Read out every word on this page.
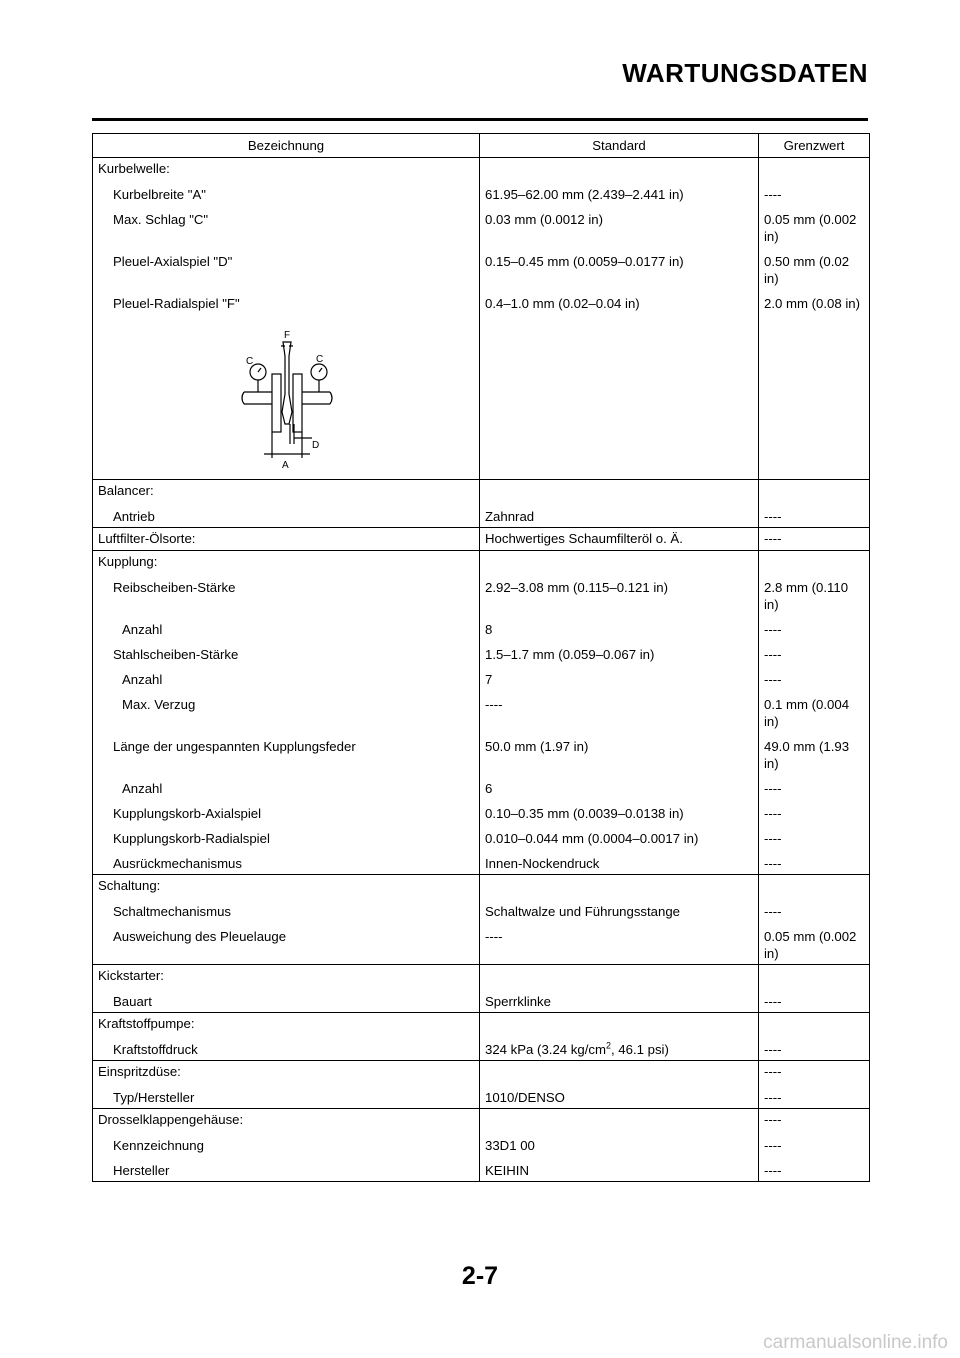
WARTUNGSDATEN
Bezeichnung	Standard	Grenzwert
Kurbelwelle:		
Kurbelbreite "A"	61.95–62.00 mm (2.439–2.441 in)	----
Max. Schlag "C"	0.03 mm (0.0012 in)	0.05 mm (0.002 in)
Pleuel-Axialspiel "D"	0.15–0.45 mm (0.0059–0.0177 in)	0.50 mm (0.02 in)
Pleuel-Radialspiel "F"	0.4–1.0 mm (0.02–0.04 in)	2.0 mm (0.08 in)

F
C C
D
A		

Balancer:		
Antrieb	Zahnrad	----
Luftfilter-Ölsorte:	Hochwertiges Schaumfilteröl o. Ä.	----
Kupplung:		
Reibscheiben-Stärke	2.92–3.08 mm (0.115–0.121 in)	2.8 mm (0.110 in)
Anzahl	8	----
Stahlscheiben-Stärke	1.5–1.7 mm (0.059–0.067 in)	----
Anzahl	7	----
Max. Verzug	----	0.1 mm (0.004 in)
Länge der ungespannten Kupplungsfeder	50.0 mm (1.97 in)	49.0 mm (1.93 in)
Anzahl	6	----
Kupplungskorb-Axialspiel	0.10–0.35 mm (0.0039–0.0138 in)	----
Kupplungskorb-Radialspiel	0.010–0.044 mm (0.0004–0.0017 in)	----
Ausrückmechanismus	Innen-Nockendruck	----
Schaltung:		
Schaltmechanismus	Schaltwalze und Führungsstange	----
Ausweichung des Pleuelauge	----	0.05 mm (0.002 in)
Kickstarter:		
Bauart	Sperrklinke	----
Kraftstoffpumpe:		
Kraftstoffdruck	324 kPa (3.24 $kg/cm^2$, 46.1 psi)	----
Einspritzdüse:		----
Typ/Hersteller	1010/DENSO	----
Drosselklappengehäuse:		----
Kennzeichnung	33D1 00	----
Hersteller	KEIHIN	----
2-7
carmanualsonline.info
